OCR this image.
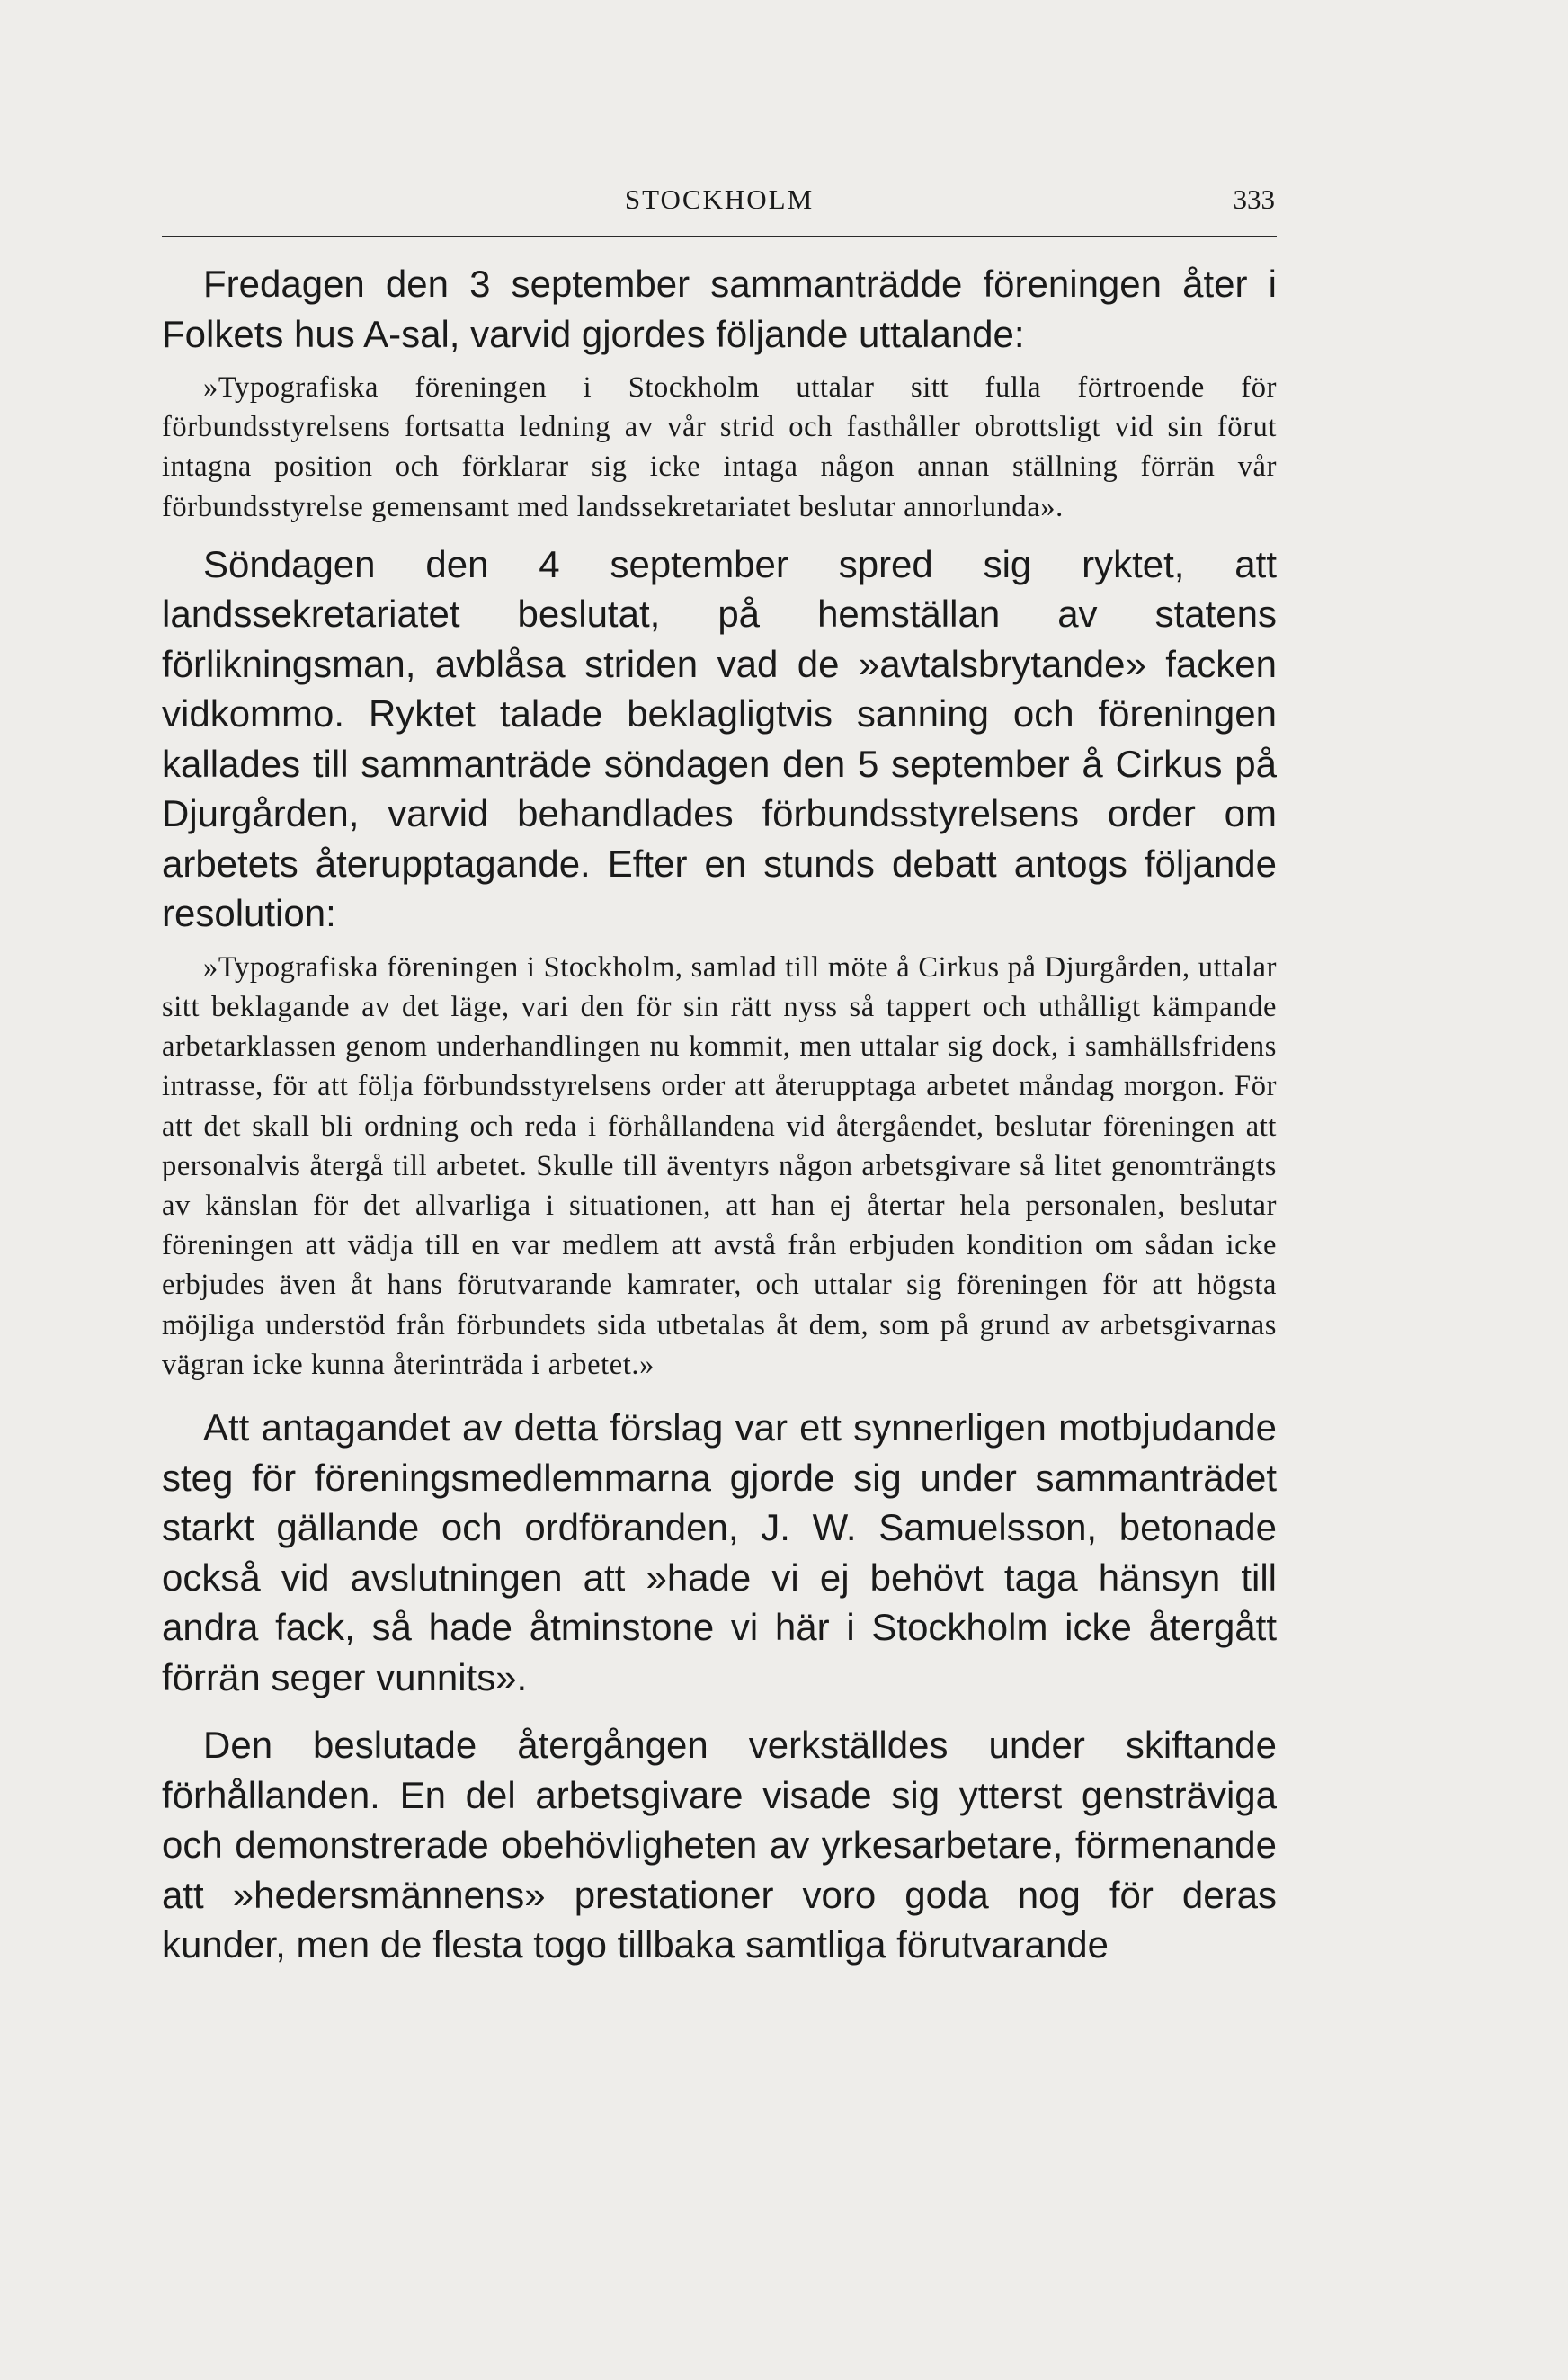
STOCKHOLM	333

Fredagen den 3 september sammanträdde föreningen åter i Folkets hus A-sal, varvid gjordes följande uttalande:

»Typografiska föreningen i Stockholm uttalar sitt fulla förtroende för förbundsstyrelsens fortsatta ledning av vår strid och fasthåller obrottsligt vid sin förut intagna position och förklarar sig icke intaga någon annan ställning förrän vår förbundsstyrelse gemensamt med landssekretariatet beslutar annorlunda».

Söndagen den 4 september spred sig ryktet, att landssekretariatet beslutat, på hemställan av statens förlikningsman, avblåsa striden vad de »avtalsbrytande» facken vidkommo. Ryktet talade beklagligtvis sanning och föreningen kallades till sammanträde söndagen den 5 september å Cirkus på Djurgården, varvid behandlades förbundsstyrelsens order om arbetets återupptagande. Efter en stunds debatt antogs följande resolution:

»Typografiska föreningen i Stockholm, samlad till möte å Cirkus på Djurgården, uttalar sitt beklagande av det läge, vari den för sin rätt nyss så tappert och uthålligt kämpande arbetarklassen genom underhandlingen nu kommit, men uttalar sig dock, i samhällsfridens intrasse, för att följa förbundsstyrelsens order att återupptaga arbetet måndag morgon. För att det skall bli ordning och reda i förhållandena vid återgåendet, beslutar föreningen att personalvis återgå till arbetet. Skulle till äventyrs någon arbetsgivare så litet genomträngts av känslan för det allvarliga i situationen, att han ej återtar hela personalen, beslutar föreningen att vädja till en var medlem att avstå från erbjuden kondition om sådan icke erbjudes även åt hans förutvarande kamrater, och uttalar sig föreningen för att högsta möjliga understöd från förbundets sida utbetalas åt dem, som på grund av arbetsgivarnas vägran icke kunna återinträda i arbetet.»

Att antagandet av detta förslag var ett synnerligen motbjudande steg för föreningsmedlemmarna gjorde sig under sammanträdet starkt gällande och ordföranden, J. W. Samuelsson, betonade också vid avslutningen att »hade vi ej behövt taga hänsyn till andra fack, så hade åtminstone vi här i Stockholm icke återgått förrän seger vunnits».

Den beslutade återgången verkställdes under skiftande förhållanden. En del arbetsgivare visade sig ytterst gensträviga och demonstrerade obehövligheten av yrkesarbetare, förmenande att »hedersmännens» prestationer voro goda nog för deras kunder, men de flesta togo tillbaka samtliga förutvarande
